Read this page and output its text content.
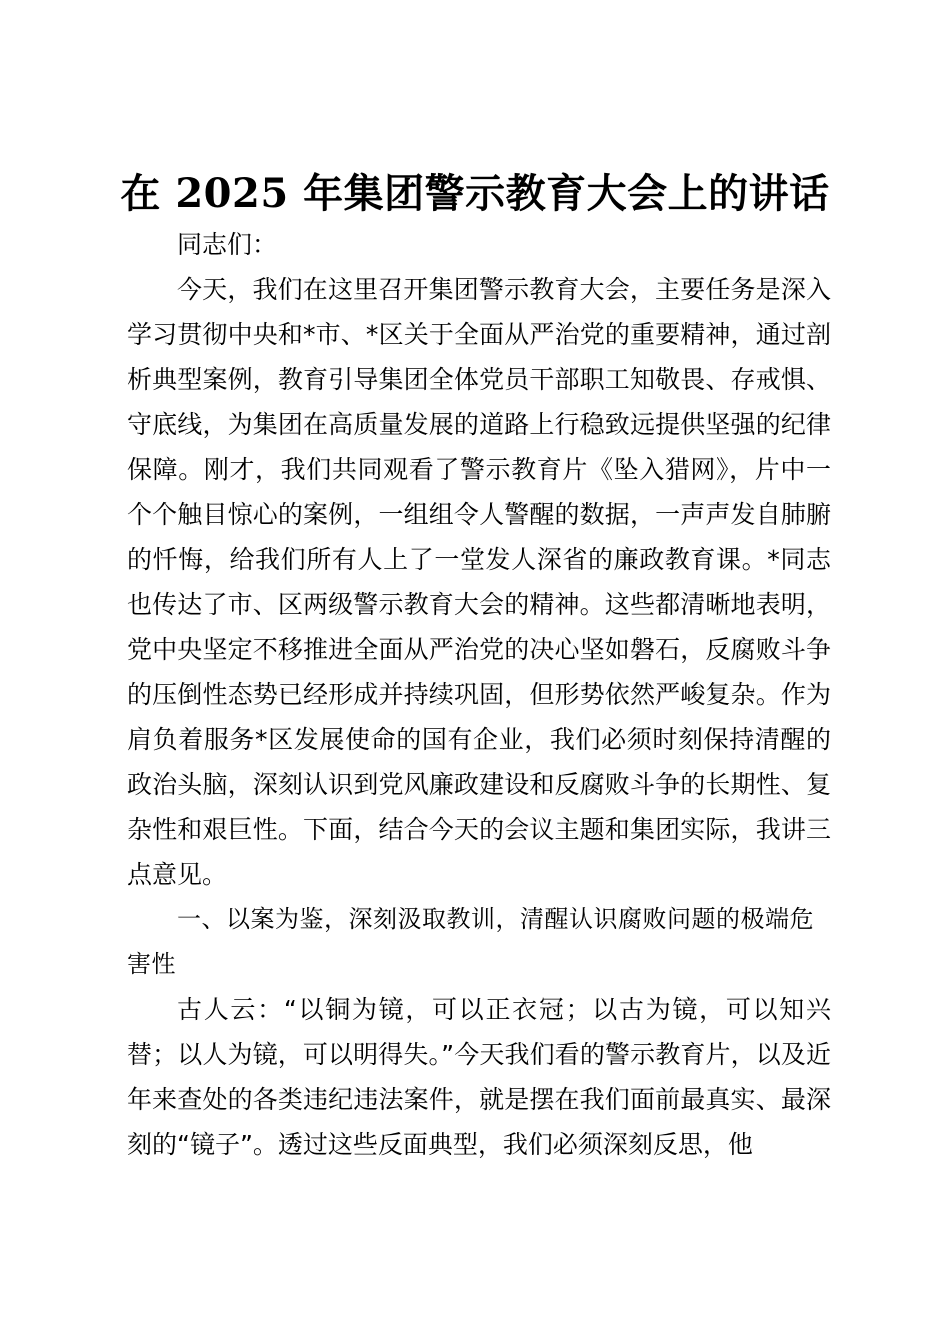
在 2025 年集团警示教育大会上的讲话

同志们：

今天，我们在这里召开集团警示教育大会，主要任务是深入学习贯彻中央和*市、*区关于全面从严治党的重要精神，通过剖析典型案例，教育引导集团全体党员干部职工知敬畏、存戒惧、守底线，为集团在高质量发展的道路上行稳致远提供坚强的纪律保障。刚才，我们共同观看了警示教育片《坠入猎网》，片中一个个触目惊心的案例，一组组令人警醒的数据，一声声发自肺腑的忏悔，给我们所有人上了一堂发人深省的廉政教育课。*同志也传达了市、区两级警示教育大会的精神。这些都清晰地表明，党中央坚定不移推进全面从严治党的决心坚如磐石，反腐败斗争的压倒性态势已经形成并持续巩固，但形势依然严峻复杂。作为肩负着服务*区发展使命的国有企业，我们必须时刻保持清醒的政治头脑，深刻认识到党风廉政建设和反腐败斗争的长期性、复杂性和艰巨性。下面，结合今天的会议主题和集团实际，我讲三点意见。

一、以案为鉴，深刻汲取教训，清醒认识腐败问题的极端危害性

古人云：“以铜为镜，可以正衣冠；以古为镜，可以知兴替；以人为镜，可以明得失。”今天我们看的警示教育片，以及近年来查处的各类违纪违法案件，就是摆在我们面前最真实、最深刻的“镜子”。透过这些反面典型，我们必须深刻反思，他
